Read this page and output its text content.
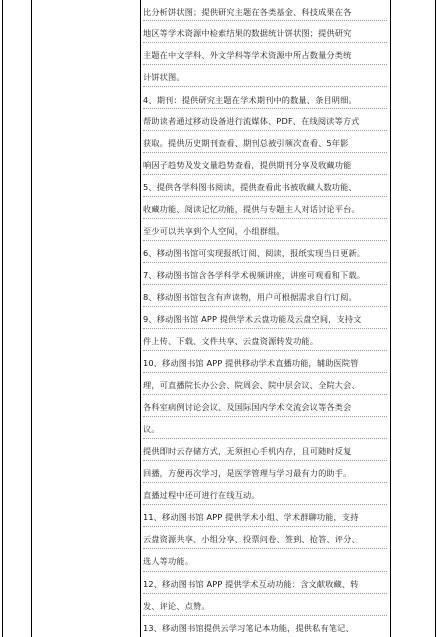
比分析饼状图；提供研究主题在各类基金、科技成果在各
地区等学术资源中检索结果的数据统计饼状图；提供研究
主题在中文学科、外文学科等学术资源中所占数量分类统
计饼状图。
4、期刊：提供研究主题在学术期刊中的数量、条目明细。
帮助读者通过移动设备进行流媒体、PDF、在线阅读等方式
获取。提供历史期刊查看、期刊总被引频次查看、5年影
响因子趋势及发文量趋势查看，提供期刊分享及收藏功能
5、提供各学科图书阅读，提供查看此书被收藏人数功能、
收藏功能、阅读记忆功能，提供与专题主人对话讨论平台。
至少可以共享到个人空间，小组群组。
6、移动图书馆可实现报纸订阅、阅读，报纸实现当日更新。
7、移动图书馆含各学科学术视频讲座，讲座可观看和下载。
8、移动图书馆包含有声读物，用户可根据需求自行订阅。
9、移动图书馆 APP 提供学术云盘功能及云盘空间，支持文
件上传、下载、文件共享、云盘资源转发功能。
10、移动图书馆 APP 提供移动学术直播功能，辅助医院管
理，可直播院长办公会、院周会、院中层会议、全院大会、
各科室病例讨论会议、及国际国内学术交流会议等各类会
议。
提供即时云存储方式，无须担心手机内存，且可随时反复
回播，方便再次学习，是医学管理与学习最有力的助手。
直播过程中还可进行在线互动。
11、移动图书馆 APP 提供学术小组、学术群聊功能，支持
云盘资源共享、小组分享、投票问卷、签到、抢答、评分、
选人等功能。
12、移动图书馆 APP 提供学术互动功能：含文献收藏、转
发、评论、点赞。
13、移动图书馆提供云学习笔记本功能，提供私有笔记、
